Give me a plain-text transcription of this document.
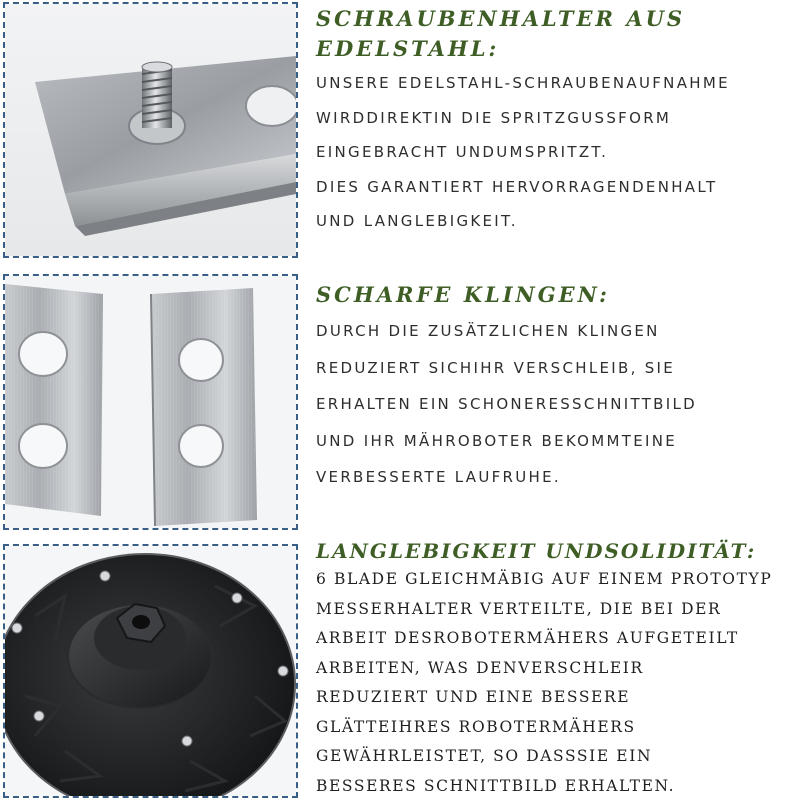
SCHRAUBENHALTER AUS
EDELSTAHL:

UNSERE EDELSTAHL-SCHRAUBENAUFNAHME

WIRDDIREKTIN DIE SPRITZGUSSFORM

EINGEBRACHT UNDUMSPRITZT.

DIES GARANTIERT HERVORRAGENDENHALT

UND LANGLEBIGKEIT.

SCHARFE KLINGEN:

DURCH DIE ZUSÄTZLICHEN KLINGEN

REDUZIERT SICHIHR VERSCHLEIB, SIE

ERHALTEN EIN SCHONERESSCHNITTBILD

UND IHR MÄHROBOTER BEKOMMTEINE

VERBESSERTE LAUFRUHE.

LANGLEBIGKEIT UNDSOLIDITÄT:

6 BLADE GLEICHMÄBIG AUF EINEM PROTOTYP

MESSERHALTER VERTEILTE, DIE BEI DER

ARBEIT DESROBOTERMÄHERS AUFGETEILT

ARBEITEN, WAS DENVERSCHLEIR

REDUZIERT UND EINE BESSERE

GLÄTTEIHRES ROBOTERMÄHERS

GEWÄHRLEISTET, SO DASSSIE EIN

BESSERES SCHNITTBILD ERHALTEN.
